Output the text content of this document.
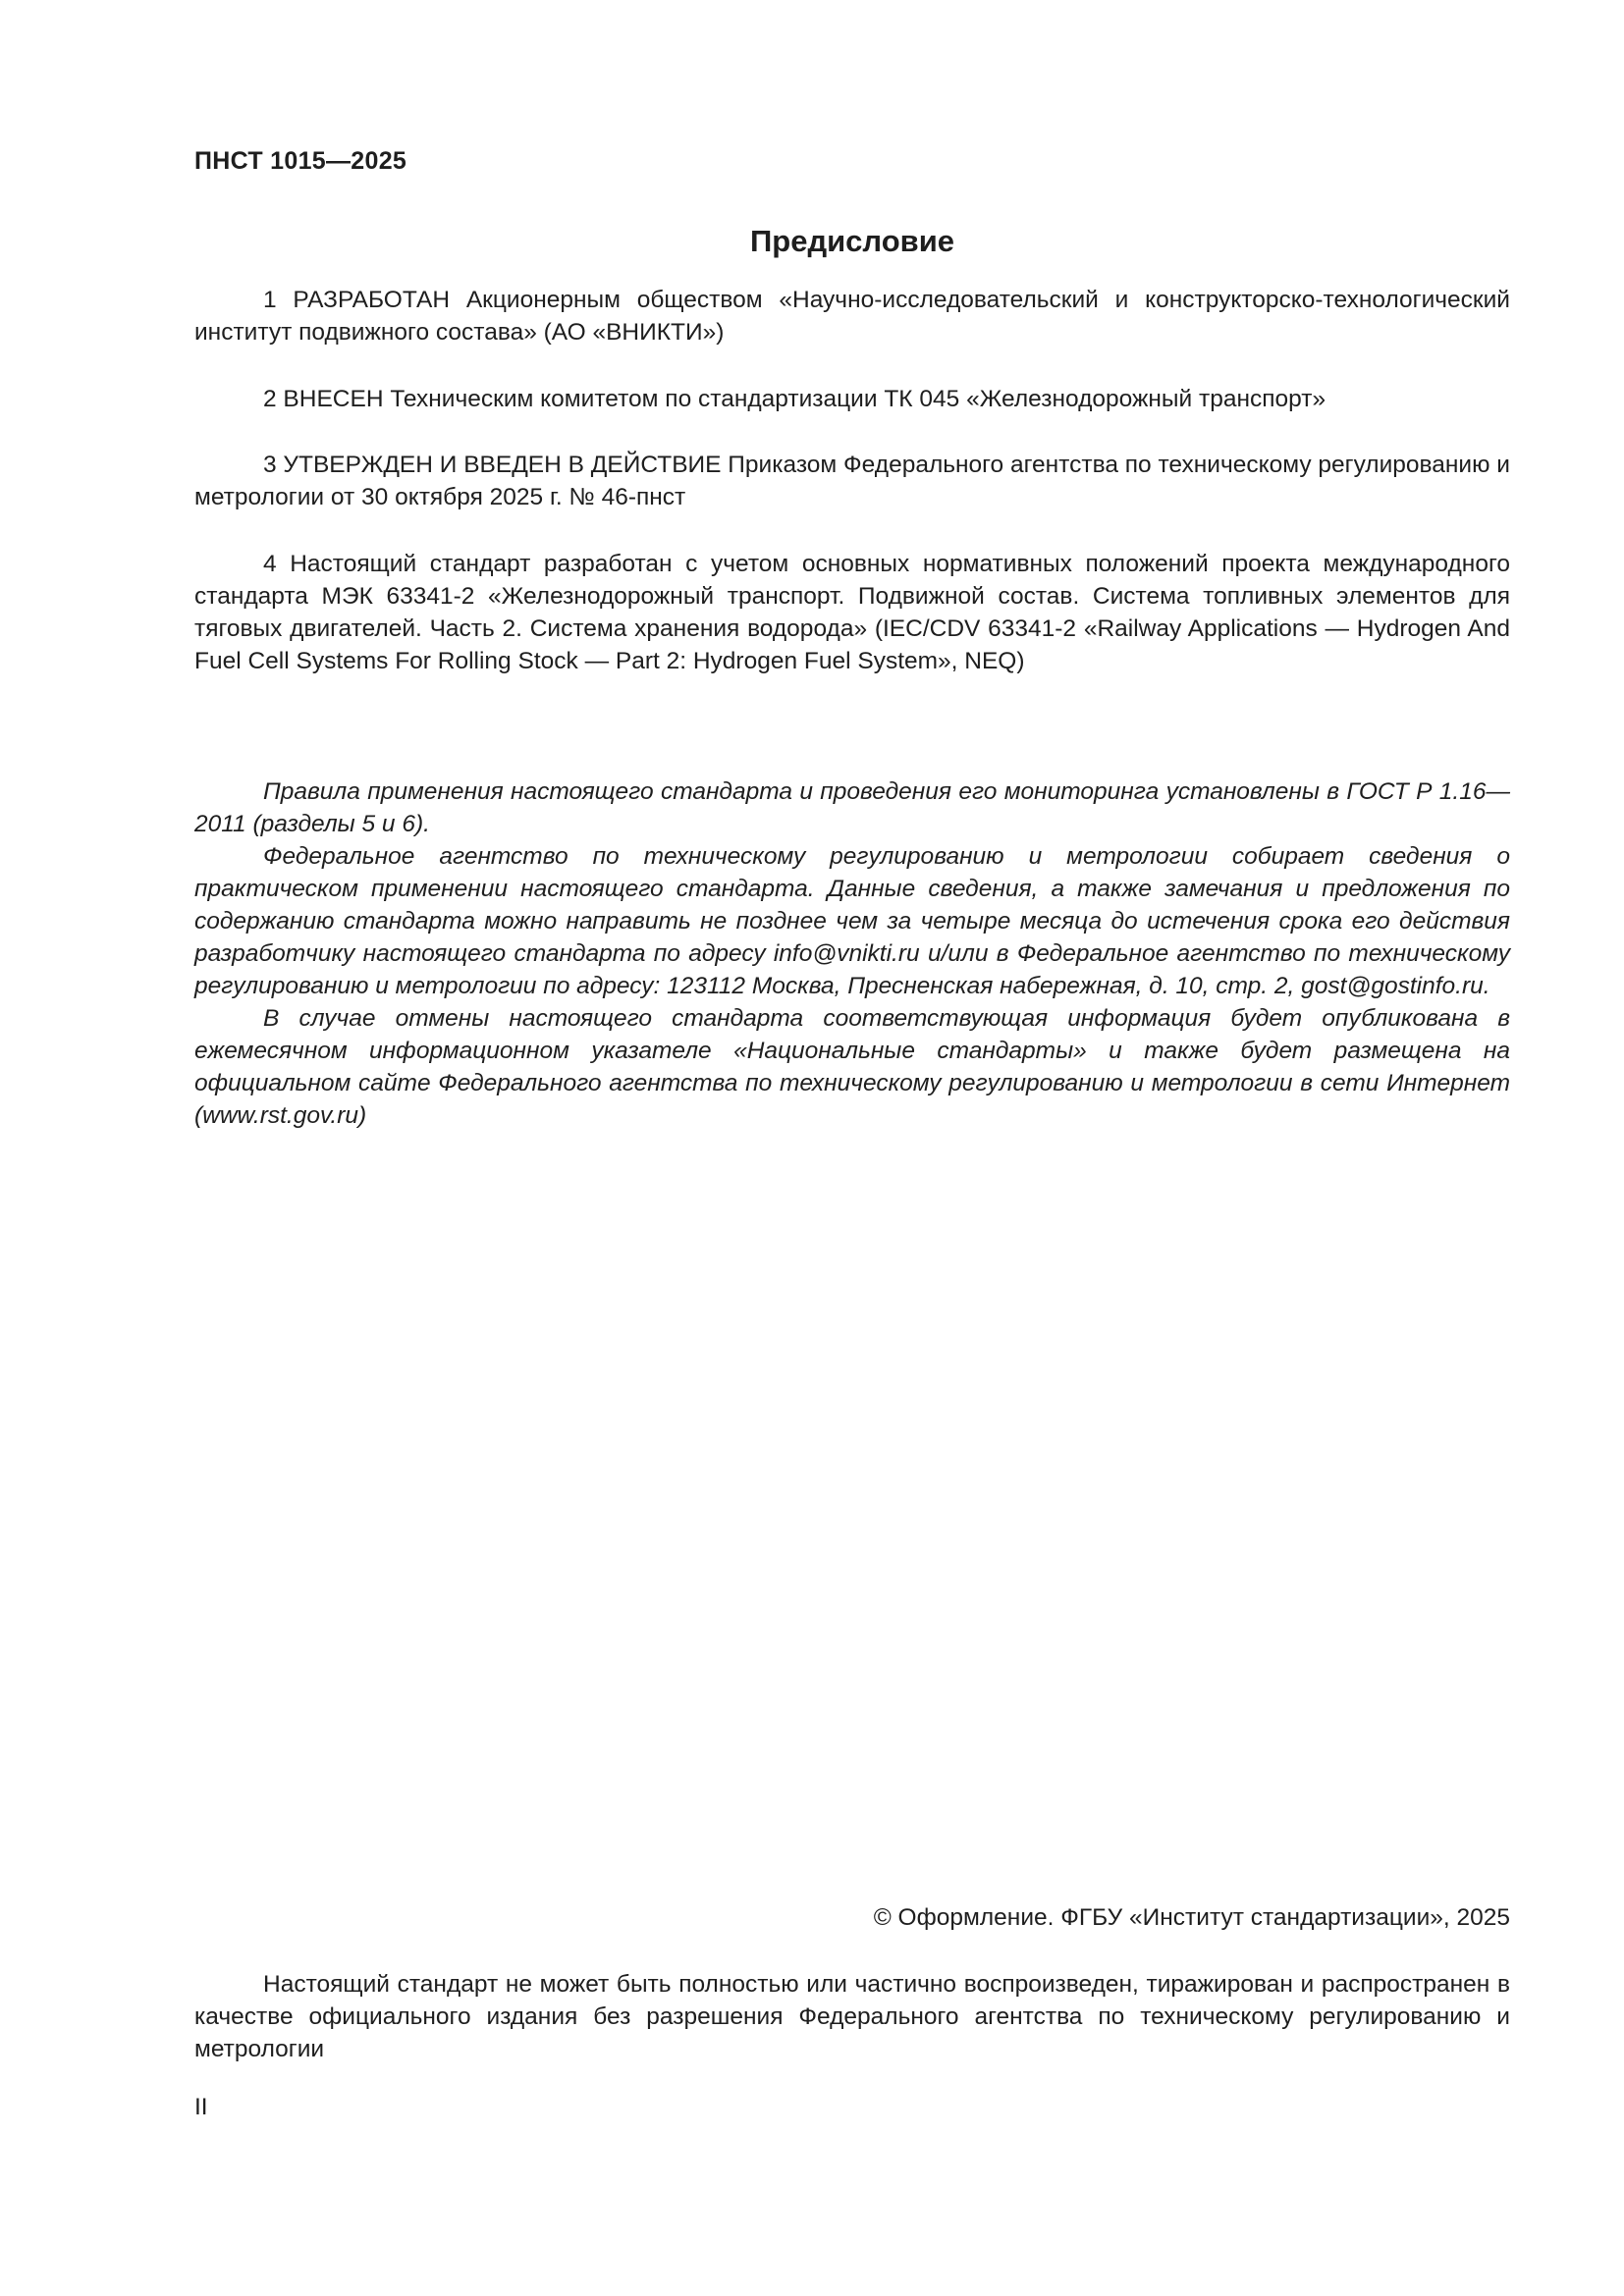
ПНСТ 1015—2025
Предисловие

1 РАЗРАБОТАН Акционерным обществом «Научно-исследовательский и конструкторско-технологический институт подвижного состава» (АО «ВНИКТИ»)

2 ВНЕСЕН Техническим комитетом по стандартизации ТК 045 «Железнодорожный транспорт»

3 УТВЕРЖДЕН И ВВЕДЕН В ДЕЙСТВИЕ Приказом Федерального агентства по техническому регулированию и метрологии от 30 октября 2025 г. № 46-пнст

4 Настоящий стандарт разработан с учетом основных нормативных положений проекта международного стандарта МЭК 63341-2 «Железнодорожный транспорт. Подвижной состав. Система топливных элементов для тяговых двигателей. Часть 2. Система хранения водорода» (IEC/CDV 63341-2 «Railway Applications — Hydrogen And Fuel Cell Systems For Rolling Stock — Part 2: Hydrogen Fuel System», NEQ)

Правила применения настоящего стандарта и проведения его мониторинга установлены в ГОСТ Р 1.16—2011 (разделы 5 и 6).

Федеральное агентство по техническому регулированию и метрологии собирает сведения о практическом применении настоящего стандарта. Данные сведения, а также замечания и предложения по содержанию стандарта можно направить не позднее чем за четыре месяца до истечения срока его действия разработчику настоящего стандарта по адресу info@vnikti.ru и/или в Федеральное агентство по техническому регулированию и метрологии по адресу: 123112 Москва, Пресненская набережная, д. 10, стр. 2, gost@gostinfo.ru.

В случае отмены настоящего стандарта соответствующая информация будет опубликована в ежемесячном информационном указателе «Национальные стандарты» и также будет размещена на официальном сайте Федерального агентства по техническому регулированию и метрологии в сети Интернет (www.rst.gov.ru)

© Оформление. ФГБУ «Институт стандартизации», 2025

Настоящий стандарт не может быть полностью или частично воспроизведен, тиражирован и распространен в качестве официального издания без разрешения Федерального агентства по техническому регулированию и метрологии

II
